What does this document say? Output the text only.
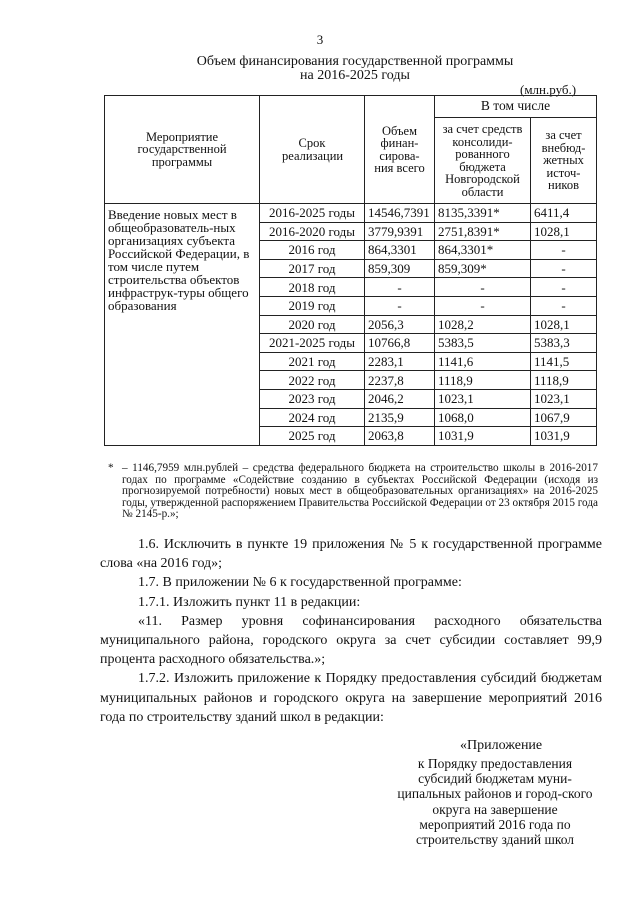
3
Объем финансирования государственной программы
на 2016-2025 годы
(млн.руб.)
Мероприятие государственной программы	Срок реализации	Объем финан-сирова-ния всего	В том числе	
			за счет средств консолиди-рованного бюджета Новгородской области	за счет внебюд-жетных источ-ников
Введение новых мест в общеобразователь-ных организациях субъекта Российской Федерации, в том числе путем строительства объектов инфраструк-туры общего образования	2016-2025 годы	14546,7391	8135,3391*	6411,4
	2016-2020 годы	3779,9391	2751,8391*	1028,1
	2016 год	864,3301	864,3301*	-
	2017 год	859,309	859,309*	-
	2018 год	-	-	-
	2019 год	-	-	-
	2020 год	2056,3	1028,2	1028,1
	2021-2025 годы	10766,8	5383,5	5383,3
	2021 год	2283,1	1141,6	1141,5
	2022 год	2237,8	1118,9	1118,9
	2023 год	2046,2	1023,1	1023,1
	2024 год	2135,9	1068,0	1067,9
	2025 год	2063,8	1031,9	1031,9
* – 1146,7959 млн.рублей – средства федерального бюджета на строительство школы в 2016-2017 годах по программе «Содействие созданию в субъектах Российской Федерации (исходя из прогнозируемой потребности) новых мест в общеобразовательных организациях» на 2016-2025 годы, утвержденной распоряжением Правительства Российской Федерации от 23 октября 2015 года № 2145-р.»;

1.6. Исключить в пункте 19 приложения № 5 к государственной программе слова «на 2016 год»;

1.7. В приложении № 6 к государственной программе:

1.7.1. Изложить пункт 11 в редакции:

«11. Размер уровня софинансирования расходного обязательства муниципального района, городского округа за счет субсидии составляет 99,9 процента расходного обязательства.»;

1.7.2. Изложить приложение к Порядку предоставления субсидий бюджетам муниципальных районов и городского округа на завершение мероприятий 2016 года по строительству зданий школ в редакции:

«Приложение
к Порядку предоставления субсидий бюджетам муни-ципальных районов и город-ского округа на завершение мероприятий 2016 года по строительству зданий школ
